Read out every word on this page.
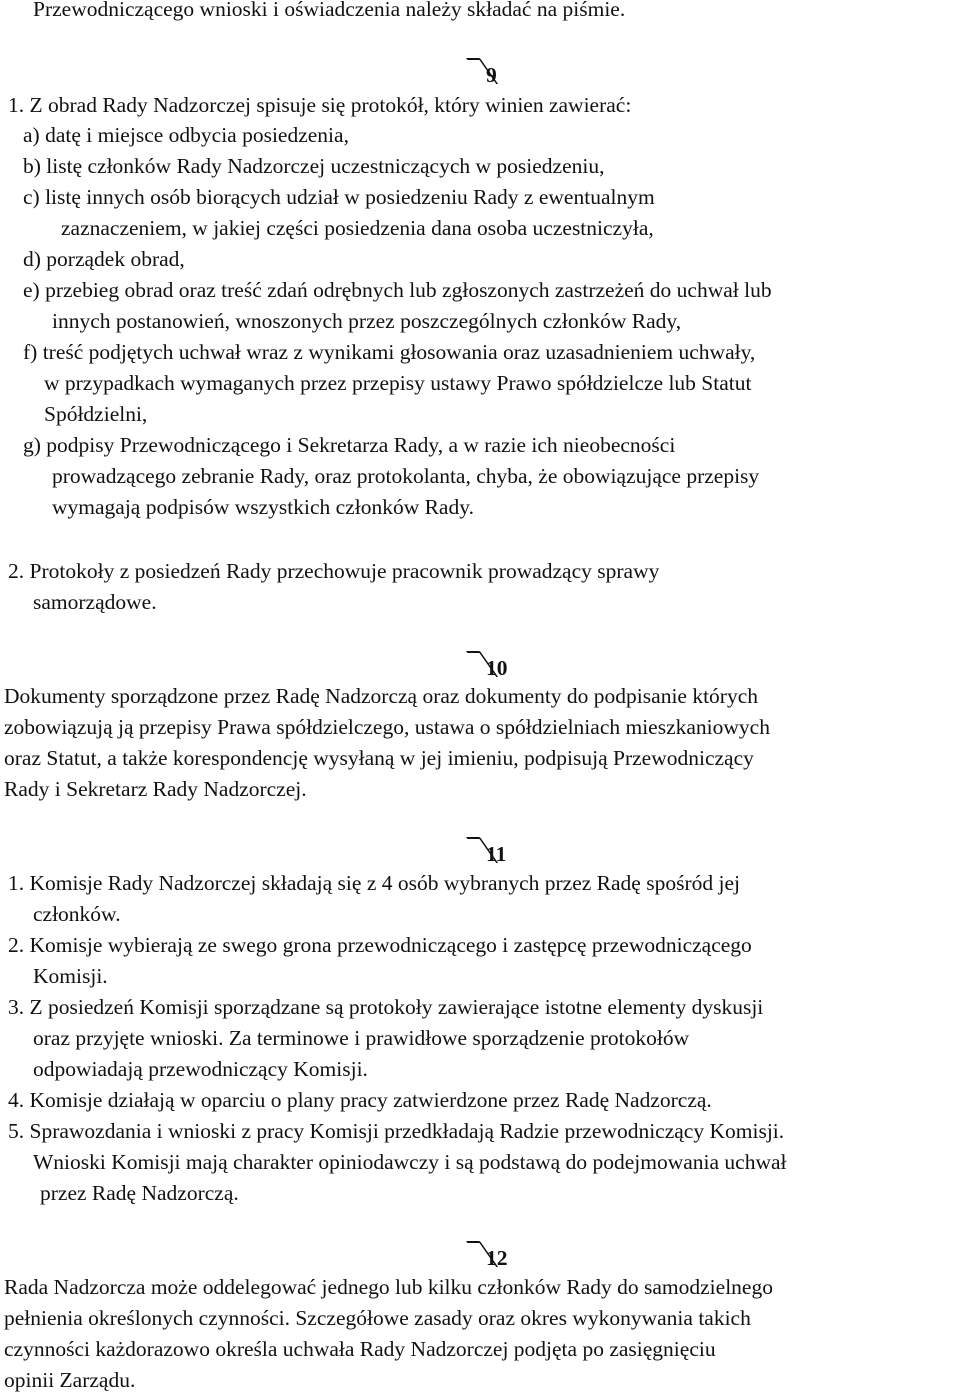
Przewodniczącego wnioski i oświadczenia należy składać na piśmie.
9
1. Z obrad Rady Nadzorczej spisuje się protokół, który winien zawierać:
a) datę i miejsce odbycia posiedzenia,
b) listę członków Rady Nadzorczej uczestniczących w posiedzeniu,
c) listę innych osób biorących udział w posiedzeniu Rady z ewentualnym
zaznaczeniem, w jakiej części posiedzenia dana osoba uczestniczyła,
d) porządek obrad,
e) przebieg obrad oraz treść zdań odrębnych lub zgłoszonych zastrzeżeń do uchwał lub
innych postanowień, wnoszonych przez poszczególnych członków Rady,
f) treść podjętych uchwał wraz z wynikami głosowania oraz uzasadnieniem uchwały,
w przypadkach wymaganych przez przepisy ustawy Prawo spółdzielcze lub Statut
Spółdzielni,
g) podpisy Przewodniczącego i Sekretarza Rady, a w razie ich nieobecności
prowadzącego zebranie Rady, oraz protokolanta, chyba, że obowiązujące przepisy
wymagają podpisów wszystkich członków Rady.
2. Protokoły z posiedzeń Rady przechowuje pracownik prowadzący sprawy
samorządowe.
10
Dokumenty sporządzone przez Radę Nadzorczą oraz dokumenty do podpisanie których
zobowiązują ją przepisy Prawa spółdzielczego, ustawa o spółdzielniach mieszkaniowych
oraz Statut, a także korespondencję wysyłaną w jej imieniu, podpisują Przewodniczący
Rady i Sekretarz Rady Nadzorczej.
11
1. Komisje Rady Nadzorczej składają się z 4 osób wybranych przez Radę spośród jej
członków.
2. Komisje wybierają ze swego grona przewodniczącego i zastępcę przewodniczącego
Komisji.
3. Z posiedzeń Komisji sporządzane są protokoły zawierające istotne elementy dyskusji
oraz przyjęte wnioski. Za terminowe i prawidłowe sporządzenie protokołów
odpowiadają przewodniczący Komisji.
4. Komisje działają w oparciu o plany pracy zatwierdzone przez Radę Nadzorczą.
5. Sprawozdania i wnioski z pracy Komisji przedkładają Radzie przewodniczący Komisji.
Wnioski Komisji mają charakter opiniodawczy i są podstawą do podejmowania uchwał
przez Radę Nadzorczą.
12
Rada Nadzorcza może oddelegować jednego lub kilku członków Rady do samodzielnego
pełnienia określonych czynności. Szczegółowe zasady oraz okres wykonywania takich
czynności każdorazowo określa uchwała Rady Nadzorczej podjęta po zasięgnięciu
opinii Zarządu.
